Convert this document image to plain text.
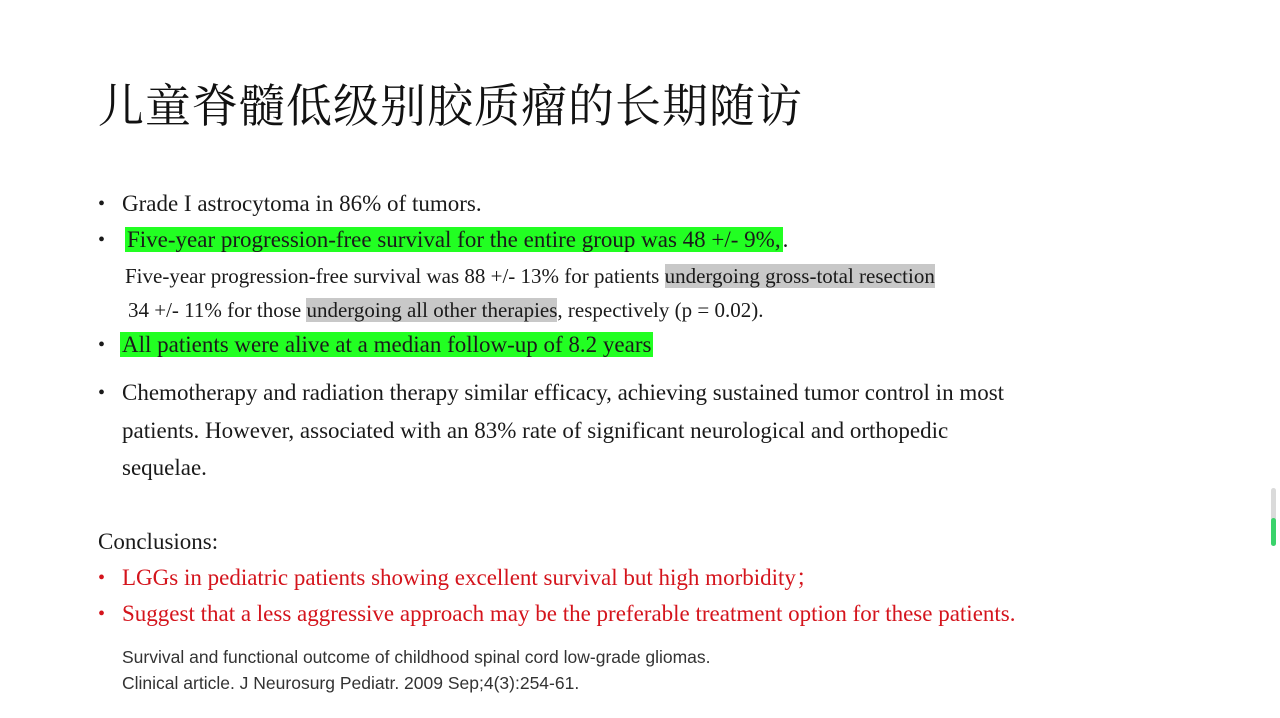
儿童脊髓低级别胶质瘤的长期随访
• Grade I astrocytoma in 86% of tumors.
• Five-year progression-free survival for the entire group was 48 +/- 9%,.
Five-year progression-free survival was 88 +/- 13% for patients undergoing gross-total resection
34 +/- 11% for those undergoing all other therapies, respectively (p = 0.02).
• All patients were alive at a median follow-up of 8.2 years
• Chemotherapy and radiation therapy similar efficacy, achieving sustained tumor control in most
patients. However, associated with an 83% rate of significant neurological and orthopedic
sequelae.
Conclusions:
• LGGs in pediatric patients showing excellent survival but high morbidity；
• Suggest that a less aggressive approach may be the preferable treatment option for these patients.
Survival and functional outcome of childhood spinal cord low-grade gliomas.
Clinical article. J Neurosurg Pediatr. 2009 Sep;4(3):254-61.
